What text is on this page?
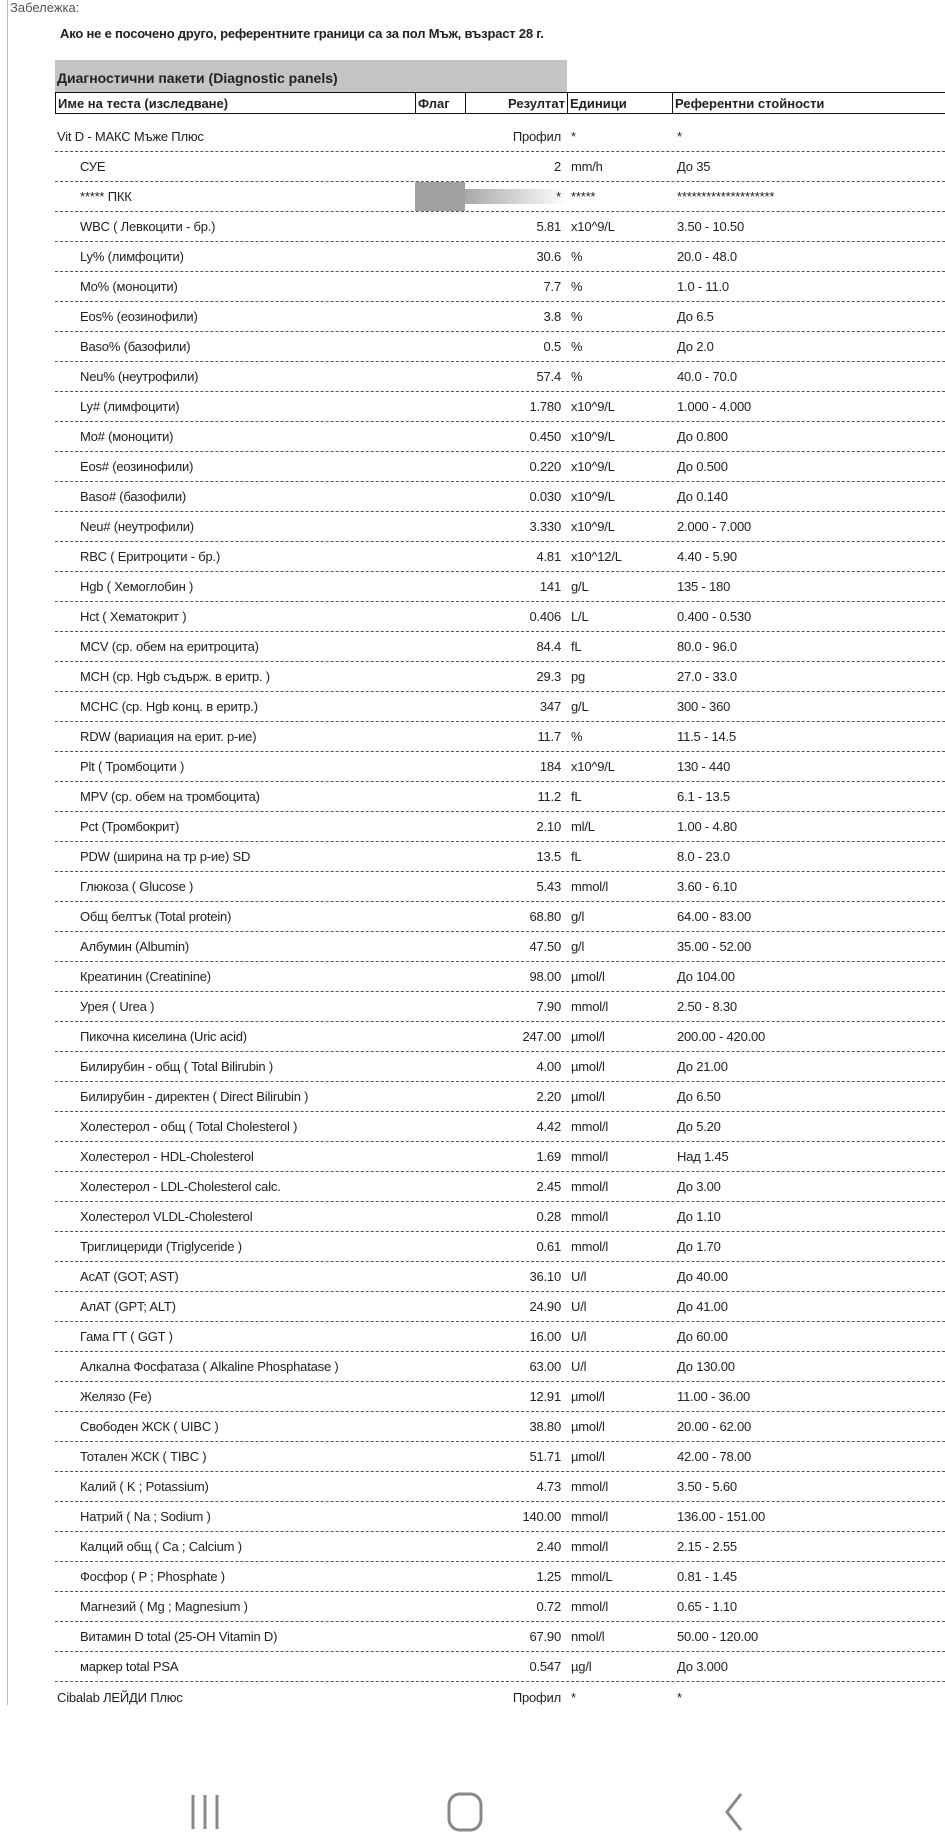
Забележка:
Ако не е посочено друго, референтните граници са за пол Мъж, възраст 28 г.
Диагностични пакети (Diagnostic panels)
Име на теста (изследване)	Флаг	Резултат Единици	Референтни стойности
Vit D - МАКС Мъже Плюс	Профил *	*
СУЕ	2 mm/h	До 35
***** ПКК	* *****	********************
WBC ( Левкоцити - бр.)	5.81 x10^9/L	3.50 - 10.50
Ly% (лимфоцити)	30.6 %	20.0 - 48.0
Mo% (моноцити)	7.7 %	1.0 - 11.0
Eos% (еозинофили)	3.8 %	До 6.5
Baso% (базофили)	0.5 %	До 2.0
Neu% (неутрофили)	57.4 %	40.0 - 70.0
Ly# (лимфоцити)	1.780 x10^9/L	1.000 - 4.000
Mo# (моноцити)	0.450 x10^9/L	До 0.800
Eos# (еозинофили)	0.220 x10^9/L	До 0.500
Baso# (базофили)	0.030 x10^9/L	До 0.140
Neu# (неутрофили)	3.330 x10^9/L	2.000 - 7.000
RBC ( Еритроцити - бр.)	4.81 x10^12/L	4.40 - 5.90
Hgb ( Хемоглобин )	141 g/L	135 - 180
Hct ( Хематокрит )	0.406 L/L	0.400 - 0.530
MCV (ср. обем на еритроцита)	84.4 fL	80.0 - 96.0
MCH (ср. Hgb съдърж. в еритр. )	29.3 pg	27.0 - 33.0
MCHC (ср. Hgb конц. в еритр.)	347 g/L	300 - 360
RDW (вариация на ерит. р-ие)	11.7 %	11.5 - 14.5
Plt ( Тромбоцити )	184 x10^9/L	130 - 440
MPV (ср. обем на тромбоцита)	11.2 fL	6.1 - 13.5
Pct (Тромбокрит)	2.10 ml/L	1.00 - 4.80
PDW (ширина на тр р-ие) SD	13.5 fL	8.0 - 23.0
Глюкоза ( Glucose )	5.43 mmol/l	3.60 - 6.10
Общ белтък (Total protein)	68.80 g/l	64.00 - 83.00
Албумин (Albumin)	47.50 g/l	35.00 - 52.00
Креатинин (Creatinine)	98.00 µmol/l	До 104.00
Урея ( Urea )	7.90 mmol/l	2.50 - 8.30
Пикочна киселина (Uric acid)	247.00 µmol/l	200.00 - 420.00
Билирубин - общ ( Total Bilirubin )	4.00 µmol/l	До 21.00
Билирубин - директен ( Direct Bilirubin )	2.20 µmol/l	До 6.50
Холестерол - общ ( Total Cholesterol )	4.42 mmol/l	До 5.20
Холестерол - HDL-Cholesterol	1.69 mmol/l	Над 1.45
Холестерол - LDL-Cholesterol calc.	2.45 mmol/l	До 3.00
Холестерол VLDL-Cholesterol	0.28 mmol/l	До 1.10
Триглицериди (Triglyceride )	0.61 mmol/l	До 1.70
АсАТ (GOT; AST)	36.10 U/l	До 40.00
АлАТ (GPT; ALT)	24.90 U/l	До 41.00
Гама ГТ ( GGT )	16.00 U/l	До 60.00
Алкална Фосфатаза ( Alkaline Phosphatase )	63.00 U/l	До 130.00
Желязо (Fe)	12.91 µmol/l	11.00 - 36.00
Свободен ЖСК ( UIBC )	38.80 µmol/l	20.00 - 62.00
Тотален ЖСК ( TIBC )	51.71 µmol/l	42.00 - 78.00
Калий ( K ; Potassium)	4.73 mmol/l	3.50 - 5.60
Натрий ( Na ; Sodium )	140.00 mmol/l	136.00 - 151.00
Калций общ ( Ca ; Calcium )	2.40 mmol/l	2.15 - 2.55
Фосфор ( P ; Phosphate )	1.25 mmol/L	0.81 - 1.45
Магнезий ( Mg ; Magnesium )	0.72 mmol/l	0.65 - 1.10
Витамин D total (25-OH Vitamin D)	67.90 nmol/l	50.00 - 120.00
маркер total PSA	0.547 µg/l	До 3.000
Cibalab ЛЕЙДИ Плюс	Профил *	*
